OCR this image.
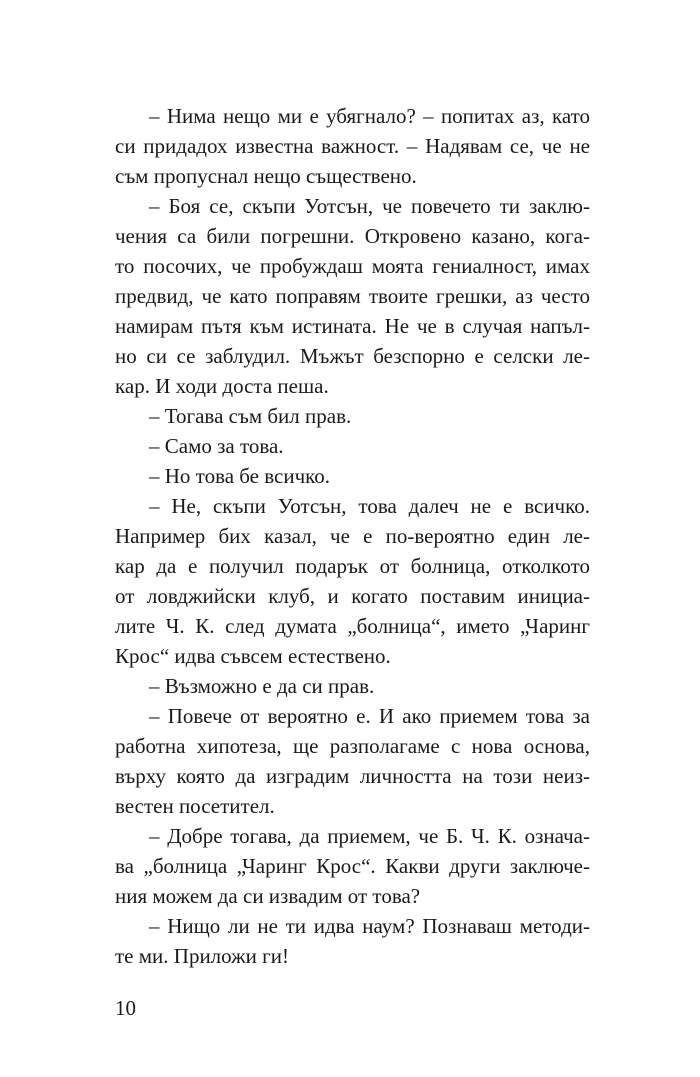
– Нима нещо ми е убягнало? – попитах аз, като
си придадох известна важност. – Надявам се, че не
съм пропуснал нещо съществено.
– Боя се, скъпи Уотсън, че повечето ти заклю-
чения са били погрешни. Откровено казано, кога-
то посочих, че пробуждаш моята гениалност, имах
предвид, че като поправям твоите грешки, аз често
намирам пътя към истината. Не че в случая напъл-
но си се заблудил. Мъжът безспорно е селски ле-
кар. И ходи доста пеша.
– Тогава съм бил прав.
– Само за това.
– Но това бе всичко.
– Не, скъпи Уотсън, това далеч не е всичко.
Например бих казал, че е по-вероятно един ле-
кар да е получил подарък от болница, отколкото
от ловджийски клуб, и когато поставим инициа-
лите Ч. К. след думата „болница“, името „Чаринг
Крос“ идва съвсем естествено.
– Възможно е да си прав.
– Повече от вероятно е. И ако приемем това за
работна хипотеза, ще разполагаме с нова основа,
върху която да изградим личността на този неиз-
вестен посетител.
– Добре тогава, да приемем, че Б. Ч. К. означа-
ва „болница „Чаринг Крос“. Какви други заключе-
ния можем да си извадим от това?
– Нищо ли не ти идва наум? Познаваш методи-
те ми. Приложи ги!
10
